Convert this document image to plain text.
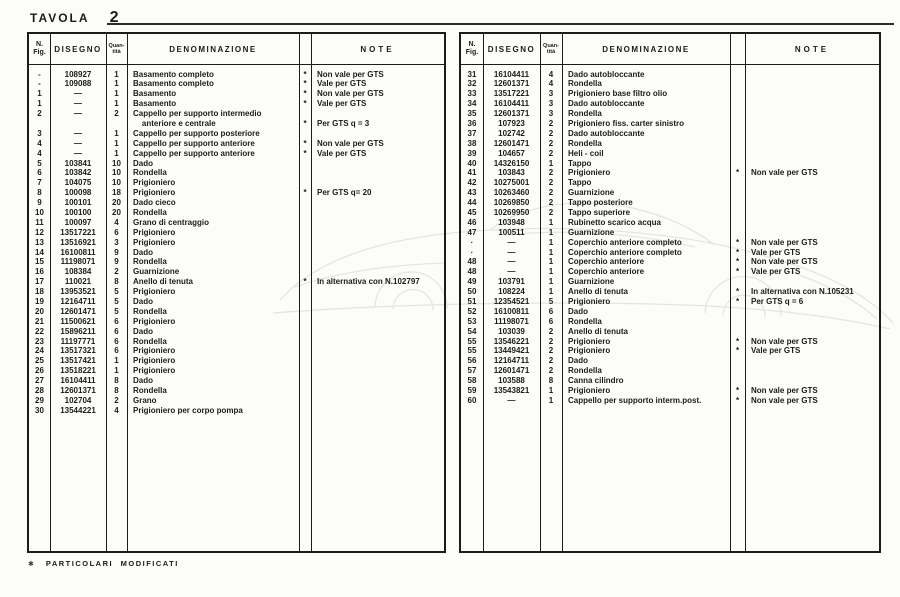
TAVOLA 2
N.
Fig.	DISEGNO	Quan-
tità	DENOMINAZIONE	NOTE
-	108927	1	Basamento completo	*	Non vale per GTS
-	109088	1	Basamento completo	*	Vale per GTS
1	—	1	Basamento	*	Non vale per GTS
1	—	1	Basamento	*	Vale per GTS
2	—	2	Cappello per supporto intermedio
anteriore e centrale	*	Per GTS q = 3
3	—	1	Cappello per supporto posteriore
4	—	1	Cappello per supporto anteriore	*	Non vale per GTS
4	—	1	Cappello per supporto anteriore	*	Vale per GTS
5	103841	10	Dado
6	103842	10	Rondella
7	104075	10	Prigioniero
8	100098	18	Prigioniero	*	Per GTS q= 20
9	100101	20	Dado cieco
10	100100	20	Rondella
11	100097	4	Grano di centraggio
12	13517221	6	Prigioniero
13	13516921	3	Prigioniero
14	16100811	9	Dado
15	11198071	9	Rondella
16	108384	2	Guarnizione
17	110021	8	Anello di tenuta	*	In alternativa con N.102797
18	13953521	5	Prigioniero
19	12164711	5	Dado
20	12601471	5	Rondella
21	11500621	6	Prigioniero
22	15896211	6	Dado
23	11197771	6	Rondella
24	13517321	6	Prigioniero
25	13517421	1	Prigioniero
26	13518221	1	Prigioniero
27	16104411	8	Dado
28	12601371	8	Rondella
29	102704	2	Grano
30	13544221	4	Prigioniero per corpo pompa
N.
Fig.	DISEGNO	Quan-
tità	DENOMINAZIONE	NOTE
31	16104411	4	Dado autobloccante
32	12601371	4	Rondella
33	13517221	3	Prigioniero base filtro olio
34	16104411	3	Dado autobloccante
35	12601371	3	Rondella
36	107923	2	Prigioniero fiss. carter sinistro
37	102742	2	Dado autobloccante
38	12601471	2	Rondella
39	104657	2	Heli - coil
40	14326150	1	Tappo
41	103843	2	Prigioniero	*	Non vale per GTS
42	10275001	2	Tappo
43	10263460	2	Guarnizione
44	10269850	2	Tappo posteriore
45	10269950	2	Tappo superiore
46	103948	1	Rubinetto scarico acqua
47	100511	1	Guarnizione
·	—	1	Coperchio anteriore completo	*	Non vale per GTS
·	—	1	Coperchio anteriore completo	*	Vale per GTS
48	—	1	Coperchio anteriore	*	Non vale per GTS
48	—	1	Coperchio anteriore	*	Vale per GTS
49	103791	1	Guarnizione
50	108224	1	Anello di tenuta	*	In alternativa con N.105231
51	12354521	5	Prigioniero	*	Per GTS q = 6
52	16100811	6	Dado
53	11198071	6	Rondella
54	103039	2	Anello di tenuta
55	13546221	2	Prigioniero	*	Non vale per GTS
55	13449421	2	Prigioniero	*	Vale per GTS
56	12164711	2	Dado
57	12601471	2	Rondella
58	103588	8	Canna cilindro
59	13543821	1	Prigioniero	*	Non vale per GTS
60	—	1	Cappello per supporto interm.post.	*	Non vale per GTS
✱ PARTICOLARI MODIFICATI
